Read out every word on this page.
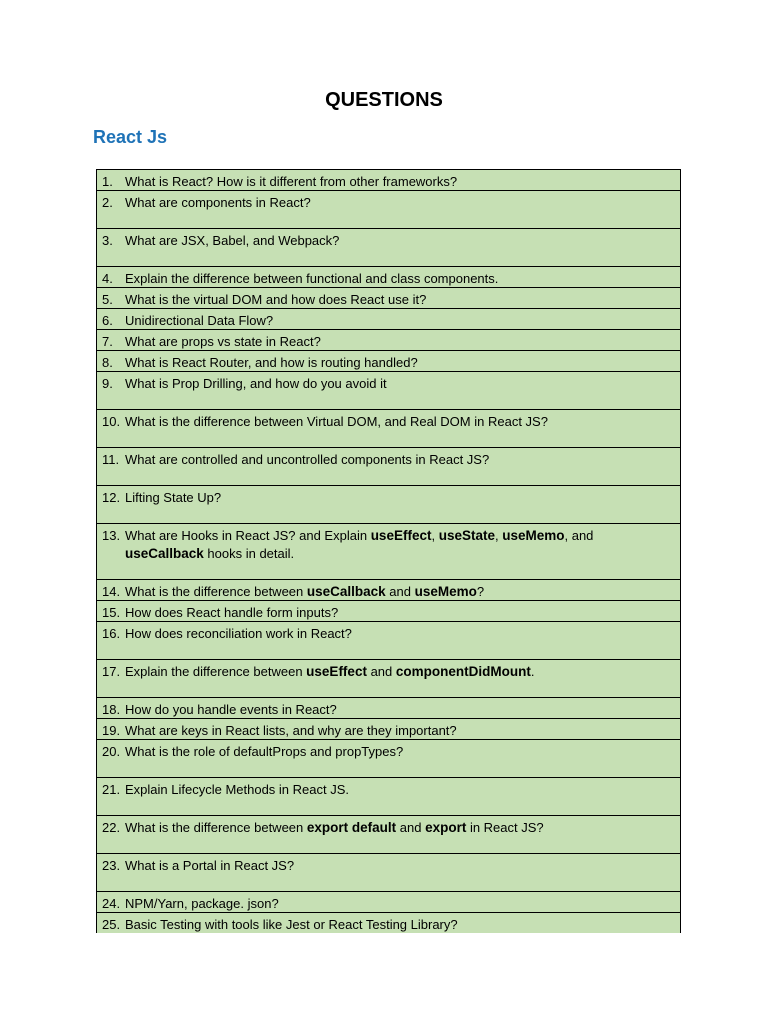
QUESTIONS
React Js
1. What is React? How is it different from other frameworks?
2. What are components in React?
3. What are JSX, Babel, and Webpack?
4. Explain the difference between functional and class components.
5. What is the virtual DOM and how does React use it?
6. Unidirectional Data Flow?
7. What are props vs state in React?
8. What is React Router, and how is routing handled?
9. What is Prop Drilling, and how do you avoid it
10. What is the difference between Virtual DOM, and Real DOM in React JS?
11. What are controlled and uncontrolled components in React JS?
12. Lifting State Up?
13. What are Hooks in React JS? and Explain useEffect, useState, useMemo, and useCallback hooks in detail.
14. What is the difference between useCallback and useMemo?
15. How does React handle form inputs?
16. How does reconciliation work in React?
17. Explain the difference between useEffect and componentDidMount.
18. How do you handle events in React?
19. What are keys in React lists, and why are they important?
20. What is the role of defaultProps and propTypes?
21. Explain Lifecycle Methods in React JS.
22. What is the difference between export default and export in React JS?
23. What is a Portal in React JS?
24. NPM/Yarn, package. json?
25. Basic Testing with tools like Jest or React Testing Library?
